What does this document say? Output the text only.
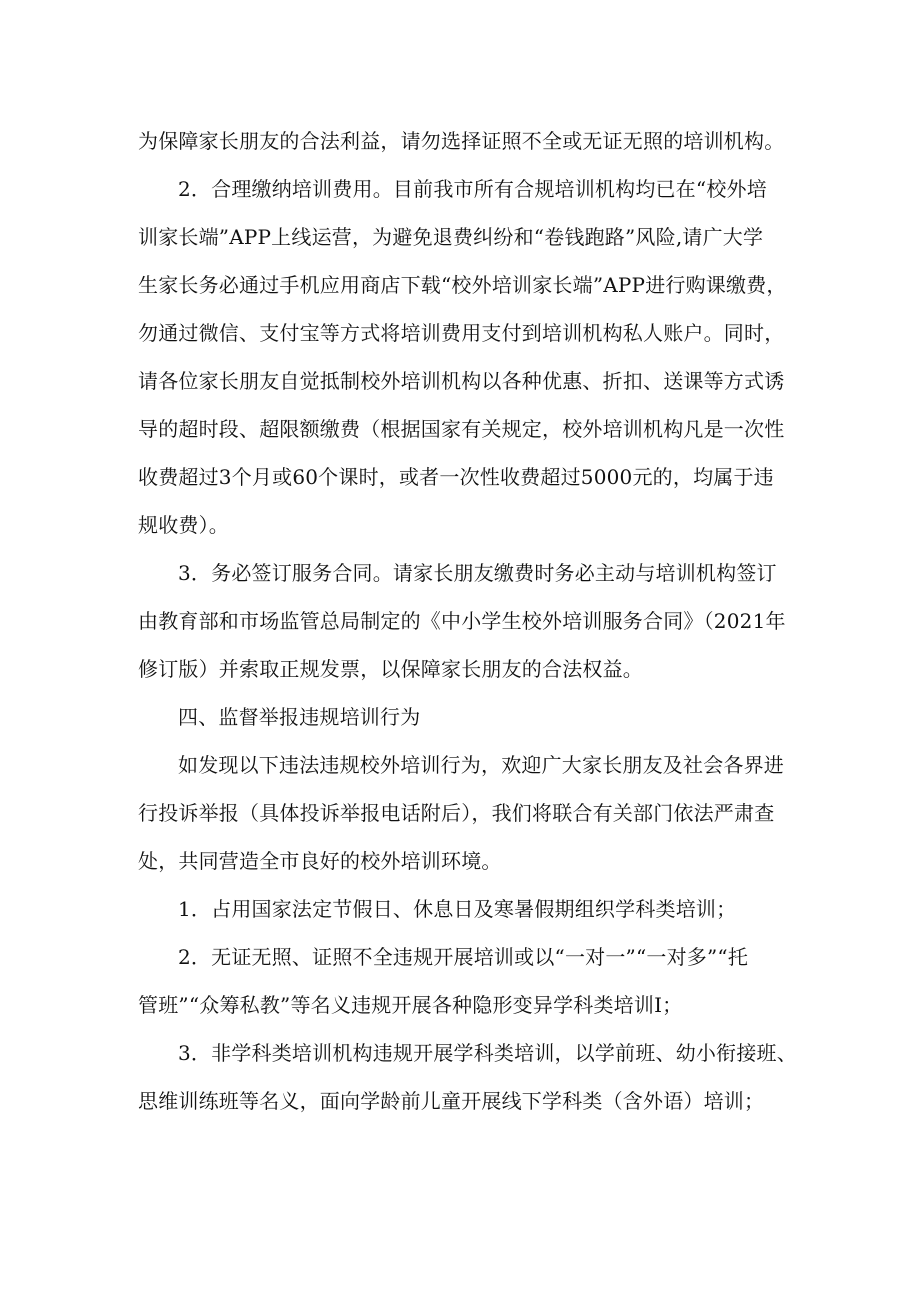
为保障家长朋友的合法利益，请勿选择证照不全或无证无照的培训机构。
2．合理缴纳培训费用。目前我市所有合规培训机构均已在“校外培
训家长端”APP上线运营，为避免退费纠纷和“卷钱跑路”风险,请广大学
生家长务必通过手机应用商店下载“校外培训家长端”APP进行购课缴费，
勿通过微信、支付宝等方式将培训费用支付到培训机构私人账户。同时，
请各位家长朋友自觉抵制校外培训机构以各种优惠、折扣、送课等方式诱
导的超时段、超限额缴费（根据国家有关规定，校外培训机构凡是一次性
收费超过3个月或60个课时，或者一次性收费超过5000元的，均属于违
规收费）。
3．务必签订服务合同。请家长朋友缴费时务必主动与培训机构签订
由教育部和市场监管总局制定的《中小学生校外培训服务合同》（2021年
修订版）并索取正规发票，以保障家长朋友的合法权益。
四、监督举报违规培训行为
如发现以下违法违规校外培训行为，欢迎广大家长朋友及社会各界进
行投诉举报（具体投诉举报电话附后），我们将联合有关部门依法严肃查
处，共同营造全市良好的校外培训环境。
1．占用国家法定节假日、休息日及寒暑假期组织学科类培训；
2．无证无照、证照不全违规开展培训或以“一对一”“一对多”“托
管班”“众筹私教”等名义违规开展各种隐形变异学科类培训I；
3．非学科类培训机构违规开展学科类培训，以学前班、幼小衔接班、
思维训练班等名义，面向学龄前儿童开展线下学科类（含外语）培训；
